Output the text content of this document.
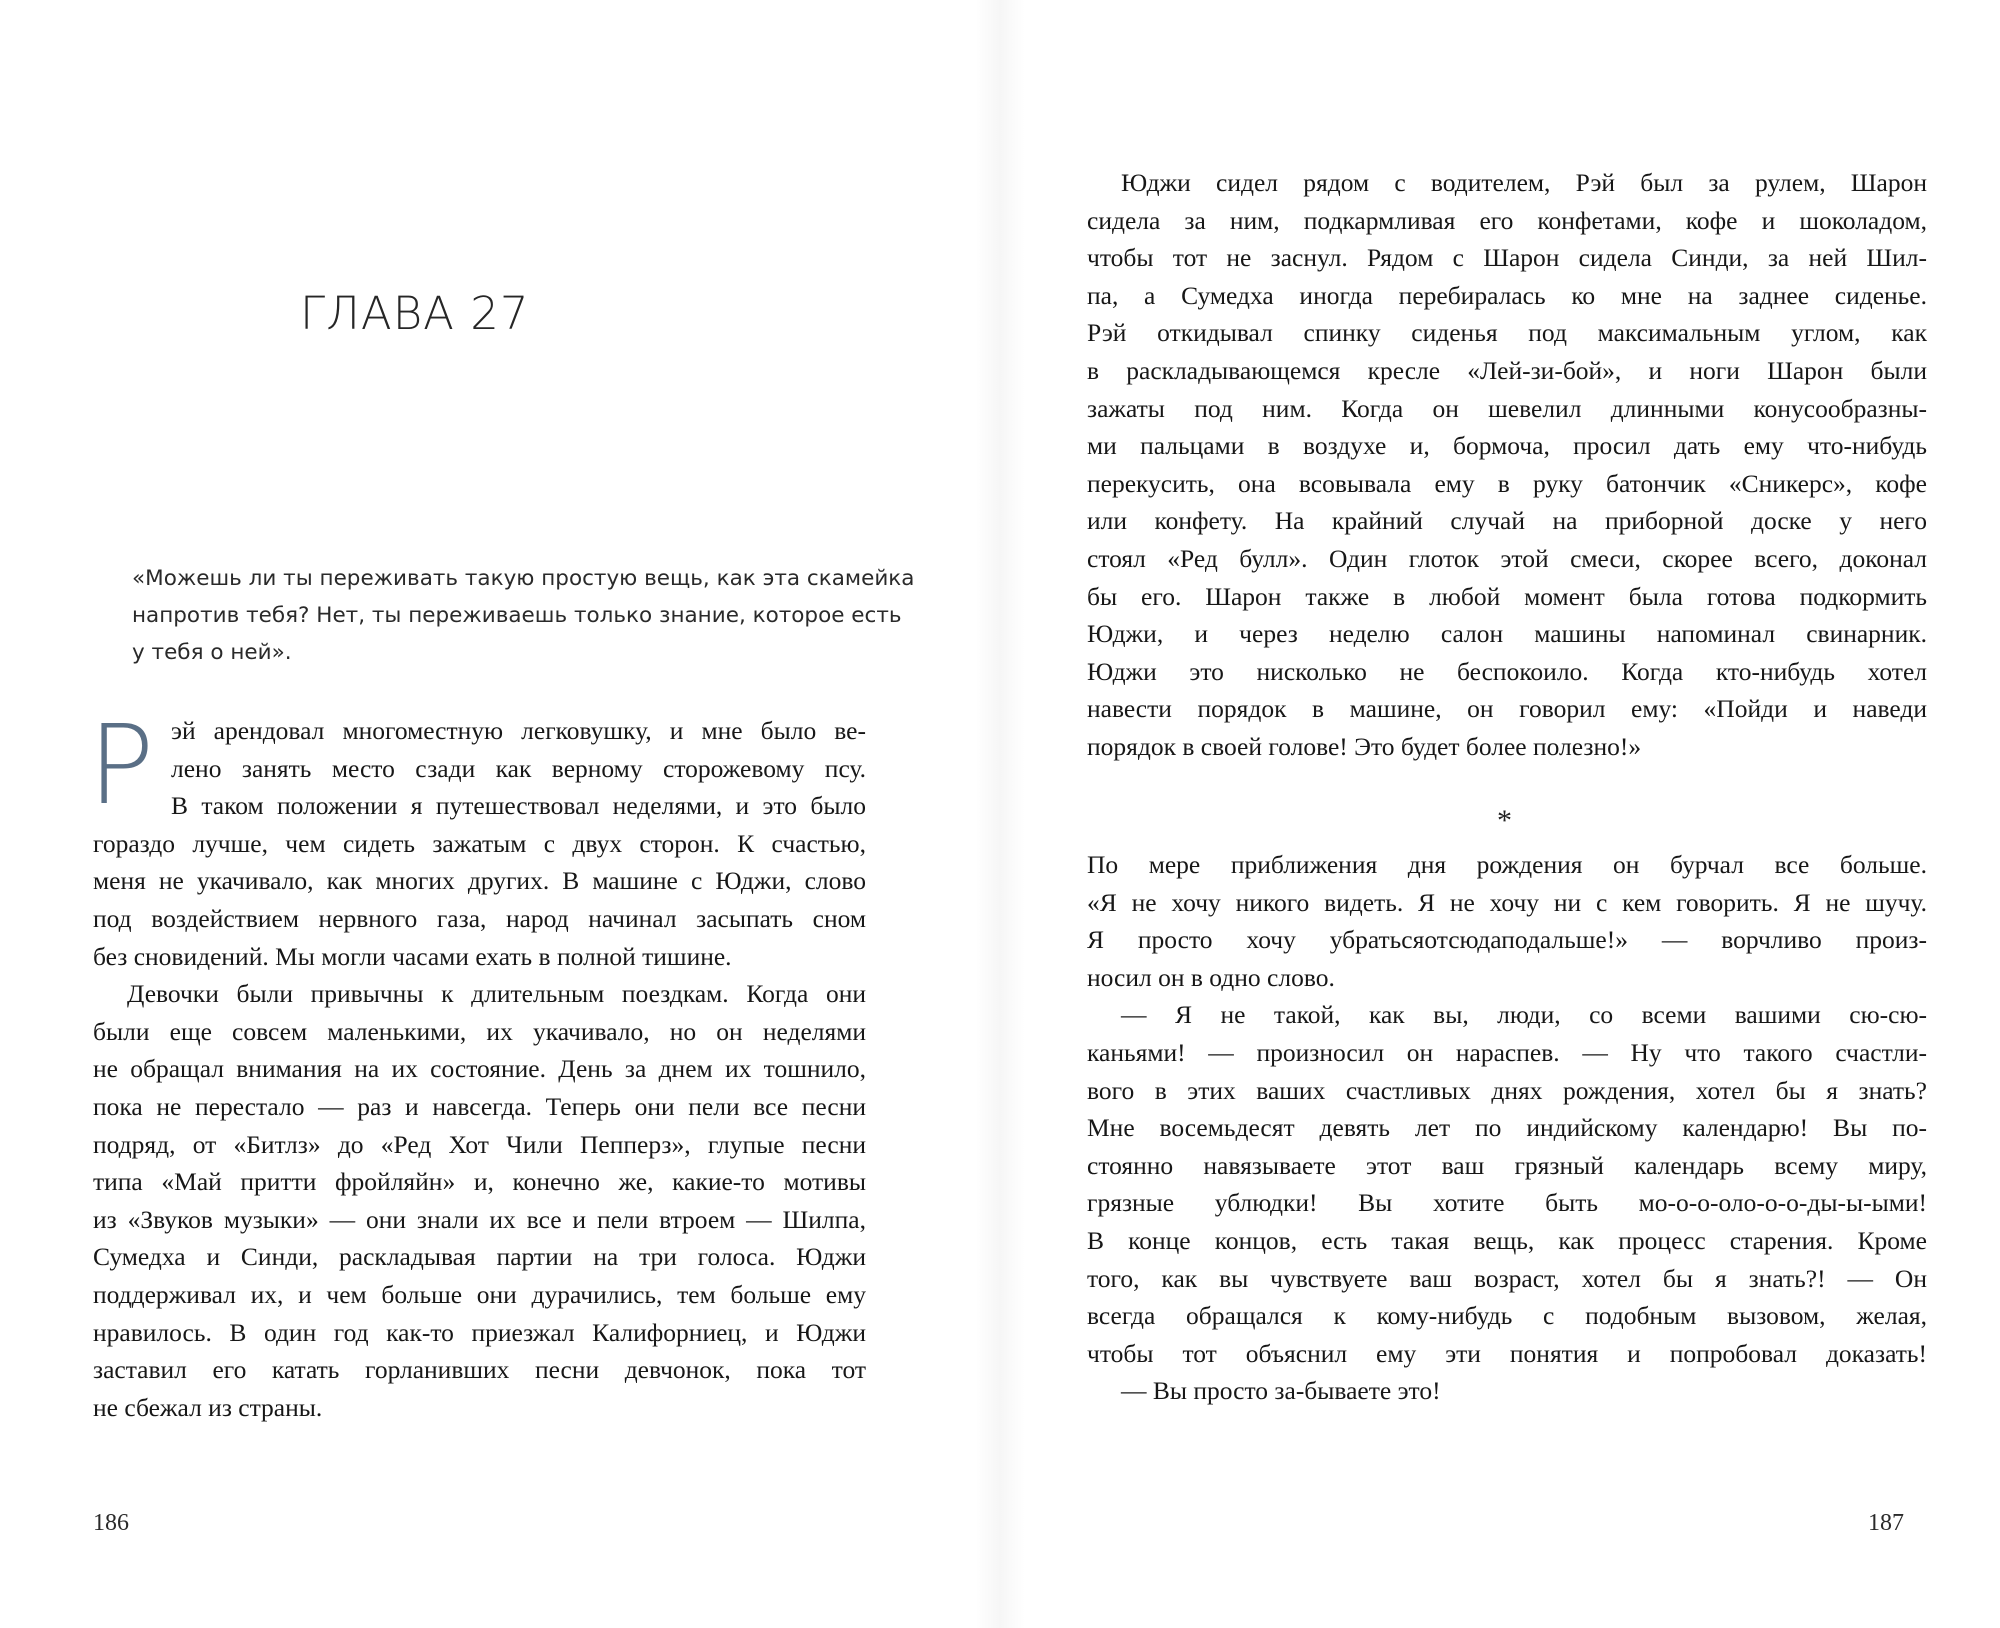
ГЛАВА 27
«Можешь ли ты переживать такую простую вещь, как эта скамейка
напротив тебя? Нет, ты переживаешь только знание, которое есть
у тебя о ней».
Р эй арендовал многоместную легковушку, и мне было ве-
лено занять место сзади как верному сторожевому псу.
В таком положении я путешествовал неделями, и это было
гораздо лучше, чем сидеть зажатым с двух сторон. К счастью,
меня не укачивало, как многих других. В машине с Юджи, слово
под воздействием нервного газа, народ начинал засыпать сном
без сновидений. Мы могли часами ехать в полной тишине.
Девочки были привычны к длительным поездкам. Когда они
были еще совсем маленькими, их укачивало, но он неделями
не обращал внимания на их состояние. День за днем их тошнило,
пока не перестало — раз и навсегда. Теперь они пели все песни
подряд, от «Битлз» до «Ред Хот Чили Пепперз», глупые песни
типа «Май притти фройляйн» и, конечно же, какие-то мотивы
из «Звуков музыки» — они знали их все и пели втроем — Шилпа,
Сумедха и Синди, раскладывая партии на три голоса. Юджи
поддерживал их, и чем больше они дурачились, тем больше ему
нравилось. В один год как-то приезжал Калифорниец, и Юджи
заставил его катать горланивших песни девчонок, пока тот
не сбежал из страны.
186
Юджи сидел рядом с водителем, Рэй был за рулем, Шарон
сидела за ним, подкармливая его конфетами, кофе и шоколадом,
чтобы тот не заснул. Рядом с Шарон сидела Синди, за ней Шил-
па, а Сумедха иногда перебиралась ко мне на заднее сиденье.
Рэй откидывал спинку сиденья под максимальным углом, как
в раскладывающемся кресле «Лей-зи-бой», и ноги Шарон были
зажаты под ним. Когда он шевелил длинными конусообразны-
ми пальцами в воздухе и, бормоча, просил дать ему что-нибудь
перекусить, она всовывала ему в руку батончик «Сникерс», кофе
или конфету. На крайний случай на приборной доске у него
стоял «Ред булл». Один глоток этой смеси, скорее всего, доконал
бы его. Шарон также в любой момент была готова подкормить
Юджи, и через неделю салон машины напоминал свинарник.
Юджи это нисколько не беспокоило. Когда кто-нибудь хотел
навести порядок в машине, он говорил ему: «Пойди и наведи
порядок в своей голове! Это будет более полезно!»
*
По мере приближения дня рождения он бурчал все больше.
«Я не хочу никого видеть. Я не хочу ни с кем говорить. Я не шучу.
Я просто хочу убратьсяотсюдаподальше!» — ворчливо произ-
носил он в одно слово.
— Я не такой, как вы, люди, со всеми вашими сю-сю-
каньями! — произносил он нараспев. — Ну что такого счастли-
вого в этих ваших счастливых днях рождения, хотел бы я знать?
Мне восемьдесят девять лет по индийскому календарю! Вы по-
стоянно навязываете этот ваш грязный календарь всему миру,
грязные ублюдки! Вы хотите быть мо-о-о-оло-о-о-ды-ы-ыми!
В конце концов, есть такая вещь, как процесс старения. Кроме
того, как вы чувствуете ваш возраст, хотел бы я знать?! — Он
всегда обращался к кому-нибудь с подобным вызовом, желая,
чтобы тот объяснил ему эти понятия и попробовал доказать!
— Вы просто за-бываете это!
187
